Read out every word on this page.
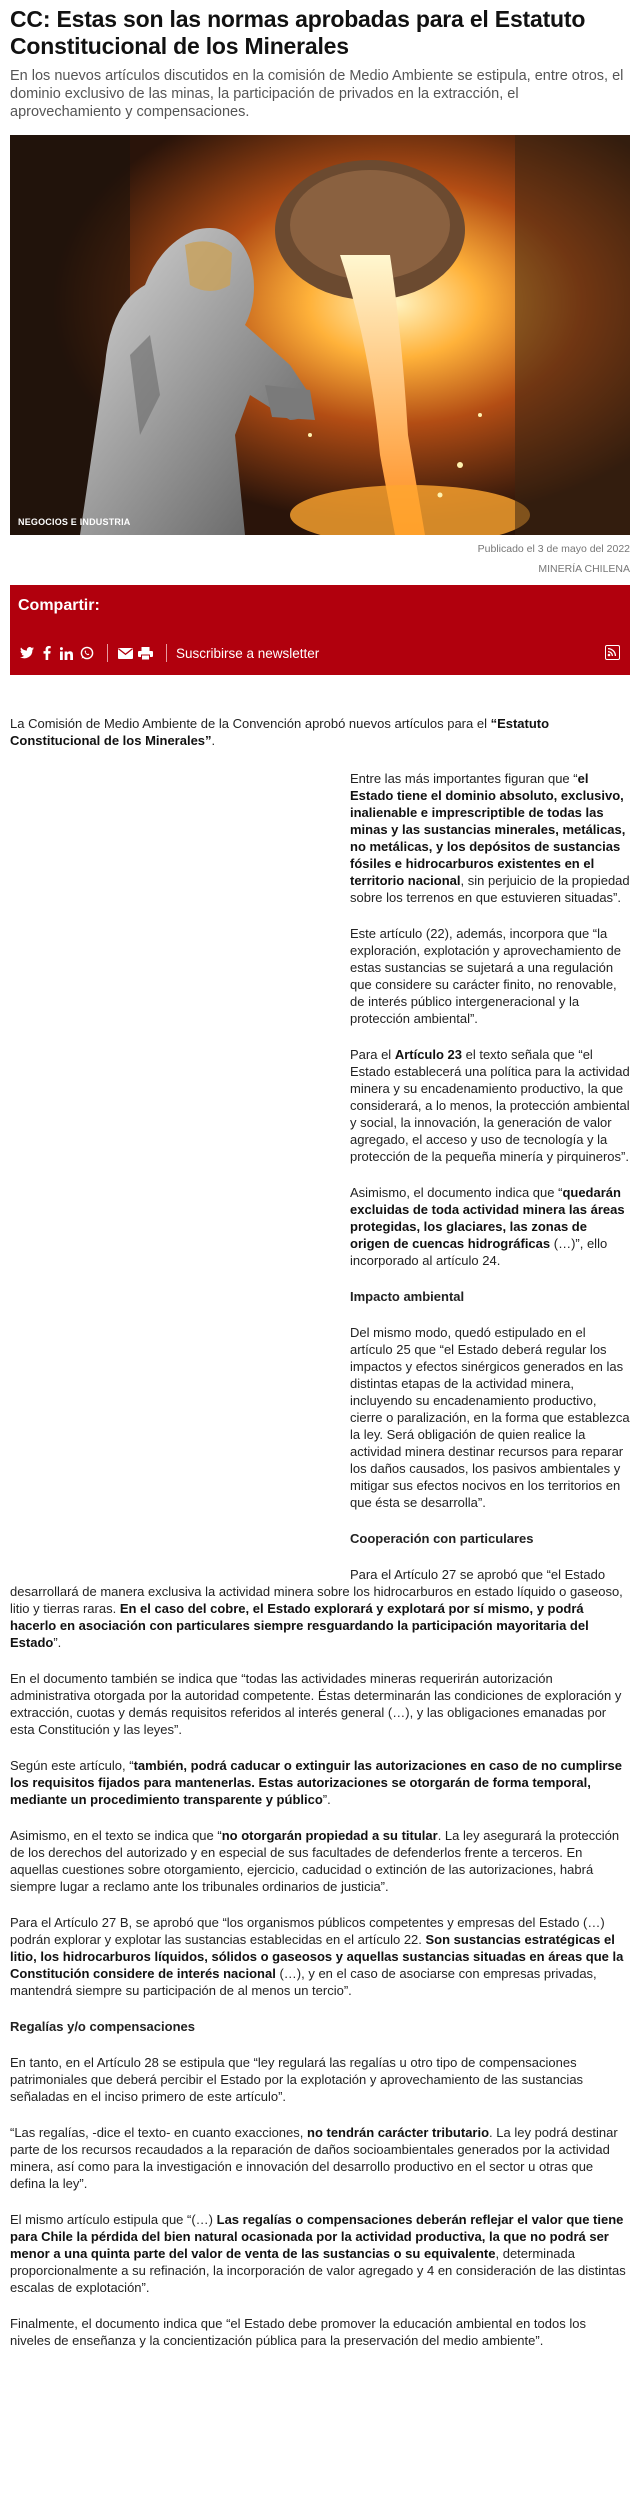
CC: Estas son las normas aprobadas para el Estatuto Constitucional de los Minerales

En los nuevos artículos discutidos en la comisión de Medio Ambiente se estipula, entre otros, el dominio exclusivo de las minas, la participación de privados en la extracción, el aprovechamiento y compensaciones.

NEGOCIOS E INDUSTRIA
Publicado el 3 de mayo del 2022
MINERÍA CHILENA
Compartir:
Suscribirse a newsletter

La Comisión de Medio Ambiente de la Convención aprobó nuevos artículos para el “Estatuto Constitucional de los Minerales”.

Entre las más importantes figuran que “el Estado tiene el dominio absoluto, exclusivo, inalienable e imprescriptible de todas las minas y las sustancias minerales, metálicas, no metálicas, y los depósitos de sustancias fósiles e hidrocarburos existentes en el territorio nacional, sin perjuicio de la propiedad sobre los terrenos en que estuvieren situadas”.

Este artículo (22), además, incorpora que “la exploración, explotación y aprovechamiento de estas sustancias se sujetará a una regulación que considere su carácter finito, no renovable, de interés público intergeneracional y la protección ambiental”.

Para el Artículo 23 el texto señala que “el Estado establecerá una política para la actividad minera y su encadenamiento productivo, la que considerará, a lo menos, la protección ambiental y social, la innovación, la generación de valor agregado, el acceso y uso de tecnología y la protección de la pequeña minería y pirquineros”.

Asimismo, el documento indica que “quedarán excluidas de toda actividad minera las áreas protegidas, los glaciares, las zonas de origen de cuencas hidrográficas (…)”, ello incorporado al artículo 24.

Impacto ambiental

Del mismo modo, quedó estipulado en el artículo 25 que “el Estado deberá regular los impactos y efectos sinérgicos generados en las distintas etapas de la actividad minera, incluyendo su encadenamiento productivo, cierre o paralización, en la forma que establezca la ley. Será obligación de quien realice la actividad minera destinar recursos para reparar los daños causados, los pasivos ambientales y mitigar sus efectos nocivos en los territorios en que ésta se desarrolla”.

Cooperación con particulares

Para el Artículo 27 se aprobó que “el Estado desarrollará de manera exclusiva la actividad minera sobre los hidrocarburos en estado líquido o gaseoso, litio y tierras raras. En el caso del cobre, el Estado explorará y explotará por sí mismo, y podrá hacerlo en asociación con particulares siempre resguardando la participación mayoritaria del Estado”.

En el documento también se indica que “todas las actividades mineras requerirán autorización administrativa otorgada por la autoridad competente. Éstas determinarán las condiciones de exploración y extracción, cuotas y demás requisitos referidos al interés general (…), y las obligaciones emanadas por esta Constitución y las leyes”.

Según este artículo, “también, podrá caducar o extinguir las autorizaciones en caso de no cumplirse los requisitos fijados para mantenerlas. Estas autorizaciones se otorgarán de forma temporal, mediante un procedimiento transparente y público”.

Asimismo, en el texto se indica que “no otorgarán propiedad a su titular. La ley asegurará la protección de los derechos del autorizado y en especial de sus facultades de defenderlos frente a terceros. En aquellas cuestiones sobre otorgamiento, ejercicio, caducidad o extinción de las autorizaciones, habrá siempre lugar a reclamo ante los tribunales ordinarios de justicia”.

Para el Artículo 27 B, se aprobó que “los organismos públicos competentes y empresas del Estado (…) podrán explorar y explotar las sustancias establecidas en el artículo 22. Son sustancias estratégicas el litio, los hidrocarburos líquidos, sólidos o gaseosos y aquellas sustancias situadas en áreas que la Constitución considere de interés nacional (…), y en el caso de asociarse con empresas privadas, mantendrá siempre su participación de al menos un tercio”.

Regalías y/o compensaciones

En tanto, en el Artículo 28 se estipula que “ley regulará las regalías u otro tipo de compensaciones patrimoniales que deberá percibir el Estado por la explotación y aprovechamiento de las sustancias señaladas en el inciso primero de este artículo”.

“Las regalías, -dice el texto- en cuanto exacciones, no tendrán carácter tributario. La ley podrá destinar parte de los recursos recaudados a la reparación de daños socioambientales generados por la actividad minera, así como para la investigación e innovación del desarrollo productivo en el sector u otras que defina la ley”.

El mismo artículo estipula que “(…) Las regalías o compensaciones deberán reflejar el valor que tiene para Chile la pérdida del bien natural ocasionada por la actividad productiva, la que no podrá ser menor a una quinta parte del valor de venta de las sustancias o su equivalente, determinada proporcionalmente a su refinación, la incorporación de valor agregado y 4 en consideración de las distintas escalas de explotación”.

Finalmente, el documento indica que “el Estado debe promover la educación ambiental en todos los niveles de enseñanza y la concientización pública para la preservación del medio ambiente”.
